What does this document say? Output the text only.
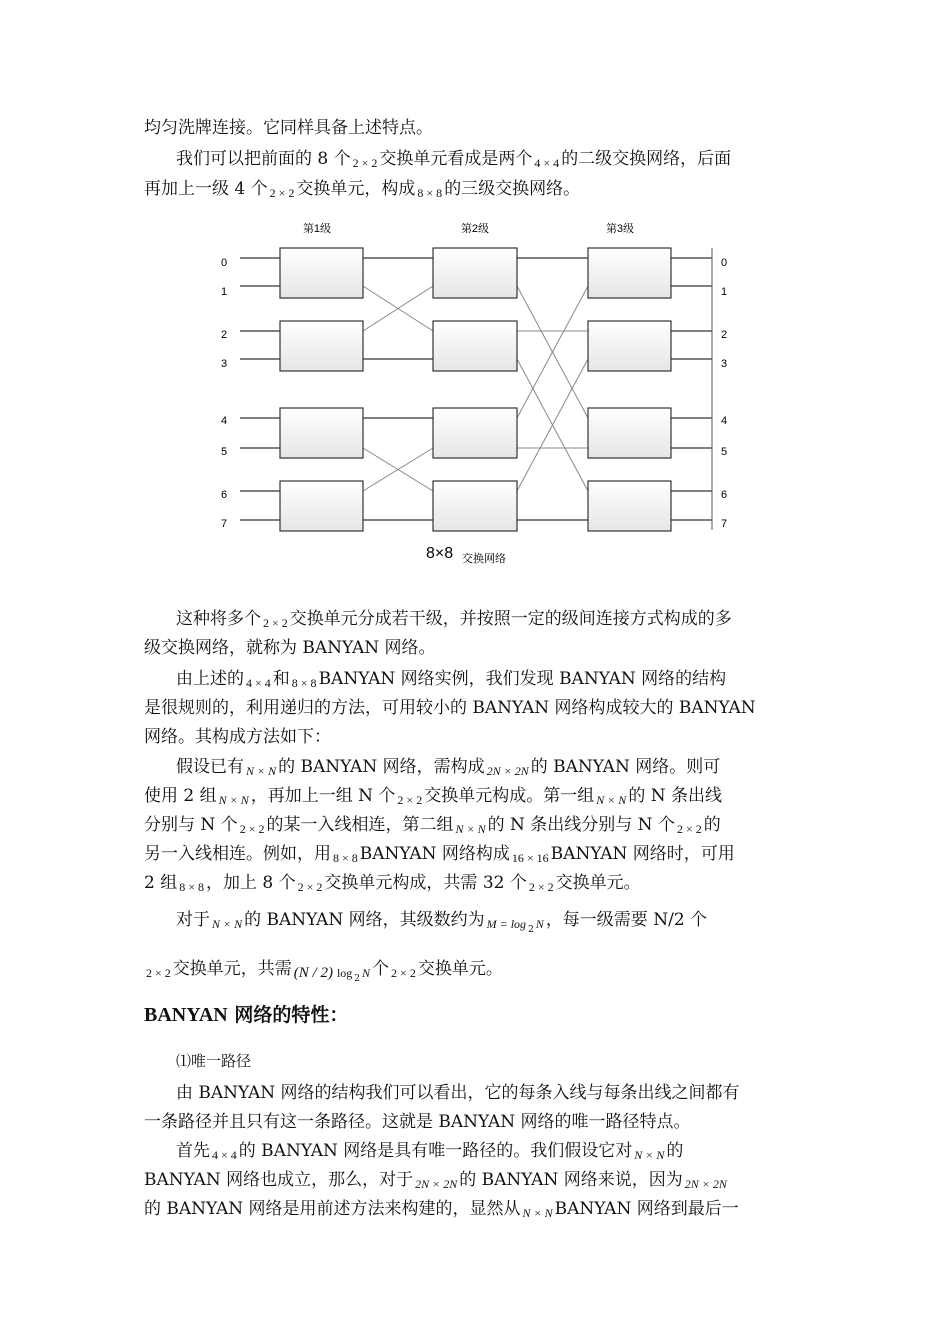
均匀洗牌连接。它同样具备上述特点。

我们可以把前面的 8 个 2 × 2 交换单元看成是两个 4 × 4 的二级交换网络，后面

再加上一级 4 个 2 × 2 交换单元，构成 8 × 8 的三级交换网络。

第1级	第2级	第3级
0
1
2
3
4
5
6
7
0
1
2
3
4
5
6
7
8×8 交换网络

这种将多个 2 × 2 交换单元分成若干级，并按照一定的级间连接方式构成的多

级交换网络，就称为 BANYAN 网络。

由上述的 4 × 4 和 8 × 8 BANYAN 网络实例，我们发现 BANYAN 网络的结构

是很规则的，利用递归的方法，可用较小的 BANYAN 网络构成较大的 BANYAN

网络。其构成方法如下：

假设已有 N × N 的 BANYAN 网络，需构成 2N × 2N 的 BANYAN 网络。则可

使用 2 组 N × N ，再加上一组 N 个 2 × 2 交换单元构成。第一组 N × N 的 N 条出线

分别与 N 个 2 × 2 的某一入线相连，第二组 N × N 的 N 条出线分别与 N 个 2 × 2 的

另一入线相连。例如，用 8 × 8 BANYAN 网络构成 16 × 16 BANYAN 网络时，可用

2 组 8 × 8 ，加上 8 个 2 × 2 交换单元构成，共需 32 个 2 × 2 交换单元。

对于 N × N 的 BANYAN 网络，其级数约为 M = log $_2$ N ，每一级需要 N/2 个

2 × 2 交换单元，共需 (N / 2) log $_2$ N 个 2 × 2 交换单元。

BANYAN 网络的特性：

⑴唯一路径

由 BANYAN 网络的结构我们可以看出，它的每条入线与每条出线之间都有

一条路径并且只有这一条路径。这就是 BANYAN 网络的唯一路径特点。

首先 4 × 4 的 BANYAN 网络是具有唯一路径的。我们假设它对 N × N 的

BANYAN 网络也成立，那么，对于 2N × 2N 的 BANYAN 网络来说，因为 2N × 2N

的 BANYAN 网络是用前述方法来构建的，显然从 N × N BANYAN 网络到最后一
